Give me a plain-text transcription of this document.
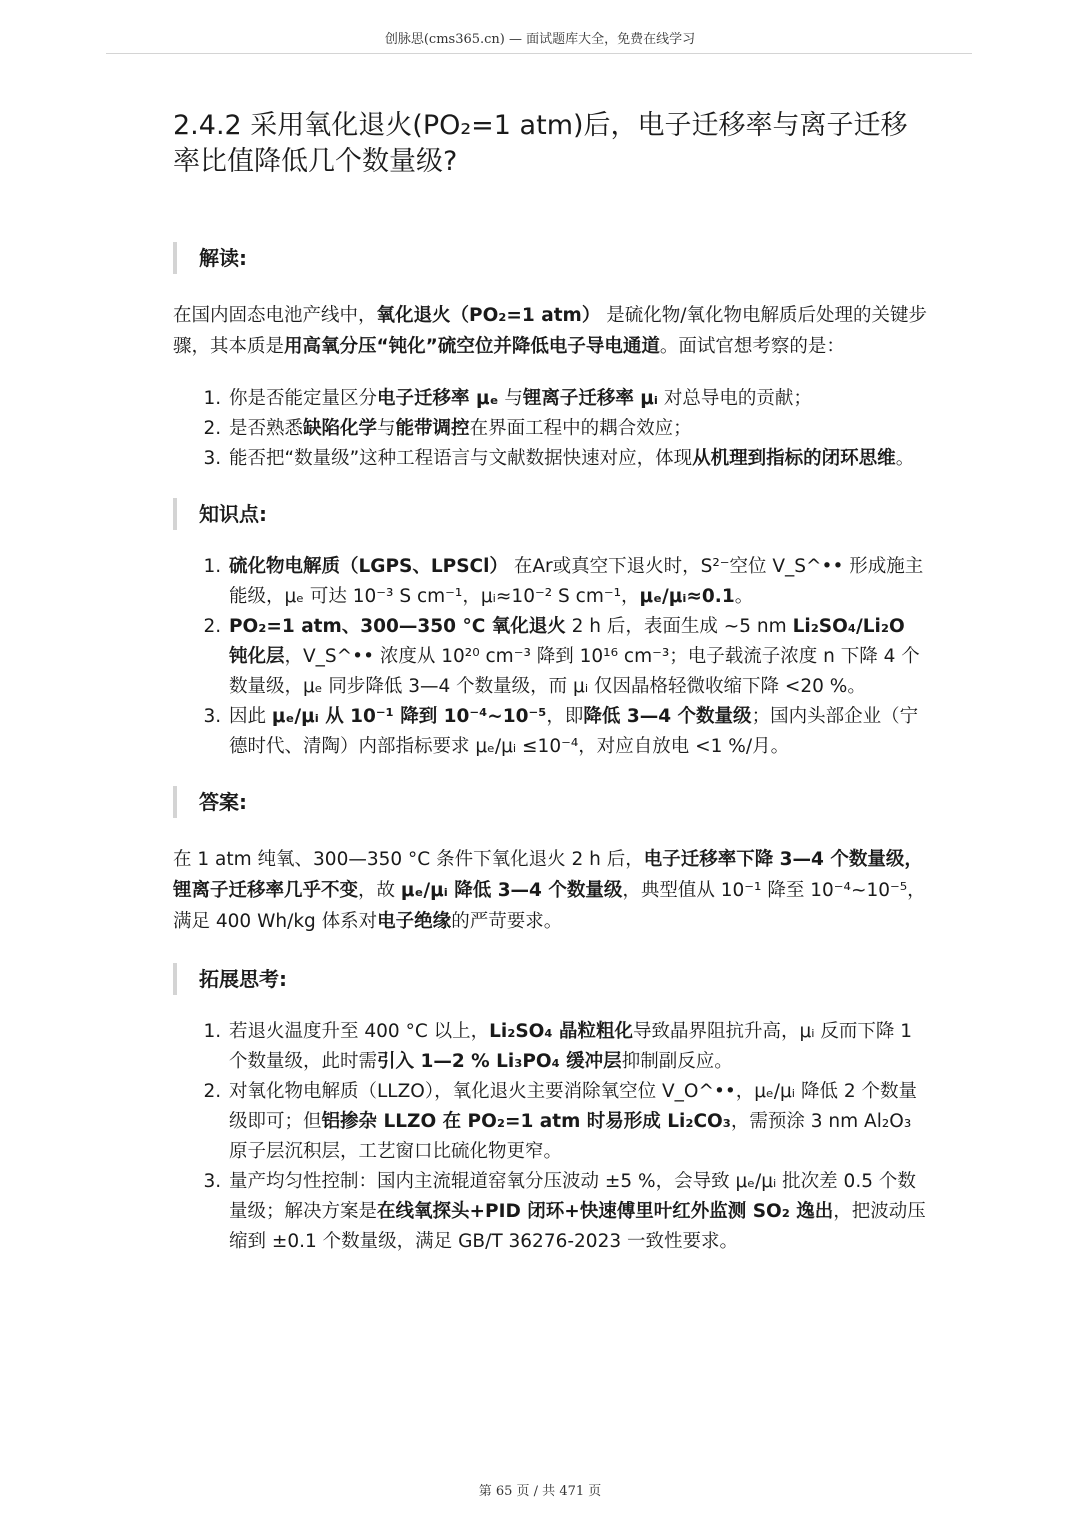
创脉思(cms365.cn) — 面试题库大全，免费在线学习
2.4.2 采用氧化退火(PO₂=1 atm)后，电子迁移率与离子迁移率比值降低几个数量级?
解读:

在国内固态电池产线中，氧化退火（PO₂=1 atm） 是硫化物/氧化物电解质后处理的关键步骤，其本质是用高氧分压“钝化”硫空位并降低电子导电通道。面试官想考察的是：

1. 你是否能定量区分电子迁移率 μₑ 与锂离子迁移率 μᵢ 对总导电的贡献；
2. 是否熟悉缺陷化学与能带调控在界面工程中的耦合效应；
3. 能否把“数量级”这种工程语言与文献数据快速对应，体现从机理到指标的闭环思维。
知识点:
1. 硫化物电解质（LGPS、LPSCl） 在Ar或真空下退火时，S²⁻空位 V_S^•• 形成施主能级，μₑ 可达 10⁻³ S cm⁻¹，μᵢ≈10⁻² S cm⁻¹，μₑ/μᵢ≈0.1。
2. PO₂=1 atm、300—350 °C 氧化退火 2 h 后，表面生成 ~5 nm Li₂SO₄/Li₂O 钝化层，V_S^•• 浓度从 10²⁰ cm⁻³ 降到 10¹⁶ cm⁻³；电子载流子浓度 n 下降 4 个数量级，μₑ 同步降低 3—4 个数量级，而 μᵢ 仅因晶格轻微收缩下降 <20 %。
3. 因此 μₑ/μᵢ 从 10⁻¹ 降到 10⁻⁴~10⁻⁵，即降低 3—4 个数量级；国内头部企业（宁德时代、清陶）内部指标要求 μₑ/μᵢ ≤10⁻⁴，对应自放电 <1 %/月。
答案:

在 1 atm 纯氧、300—350 °C 条件下氧化退火 2 h 后，电子迁移率下降 3—4 个数量级，锂离子迁移率几乎不变，故 μₑ/μᵢ 降低 3—4 个数量级，典型值从 10⁻¹ 降至 10⁻⁴~10⁻⁵，满足 400 Wh/kg 体系对电子绝缘的严苛要求。

拓展思考:
1. 若退火温度升至 400 °C 以上，Li₂SO₄ 晶粒粗化导致晶界阻抗升高，μᵢ 反而下降 1 个数量级，此时需引入 1—2 % Li₃PO₄ 缓冲层抑制副反应。
2. 对氧化物电解质（LLZO），氧化退火主要消除氧空位 V_O^••，μₑ/μᵢ 降低 2 个数量级即可；但铝掺杂 LLZO 在 PO₂=1 atm 时易形成 Li₂CO₃，需预涂 3 nm Al₂O₃ 原子层沉积层，工艺窗口比硫化物更窄。
3. 量产均匀性控制：国内主流辊道窑氧分压波动 ±5 %，会导致 μₑ/μᵢ 批次差 0.5 个数量级；解决方案是在线氧探头+PID 闭环+快速傅里叶红外监测 SO₂ 逸出，把波动压缩到 ±0.1 个数量级，满足 GB/T 36276-2023 一致性要求。
第 65 页 / 共 471 页
